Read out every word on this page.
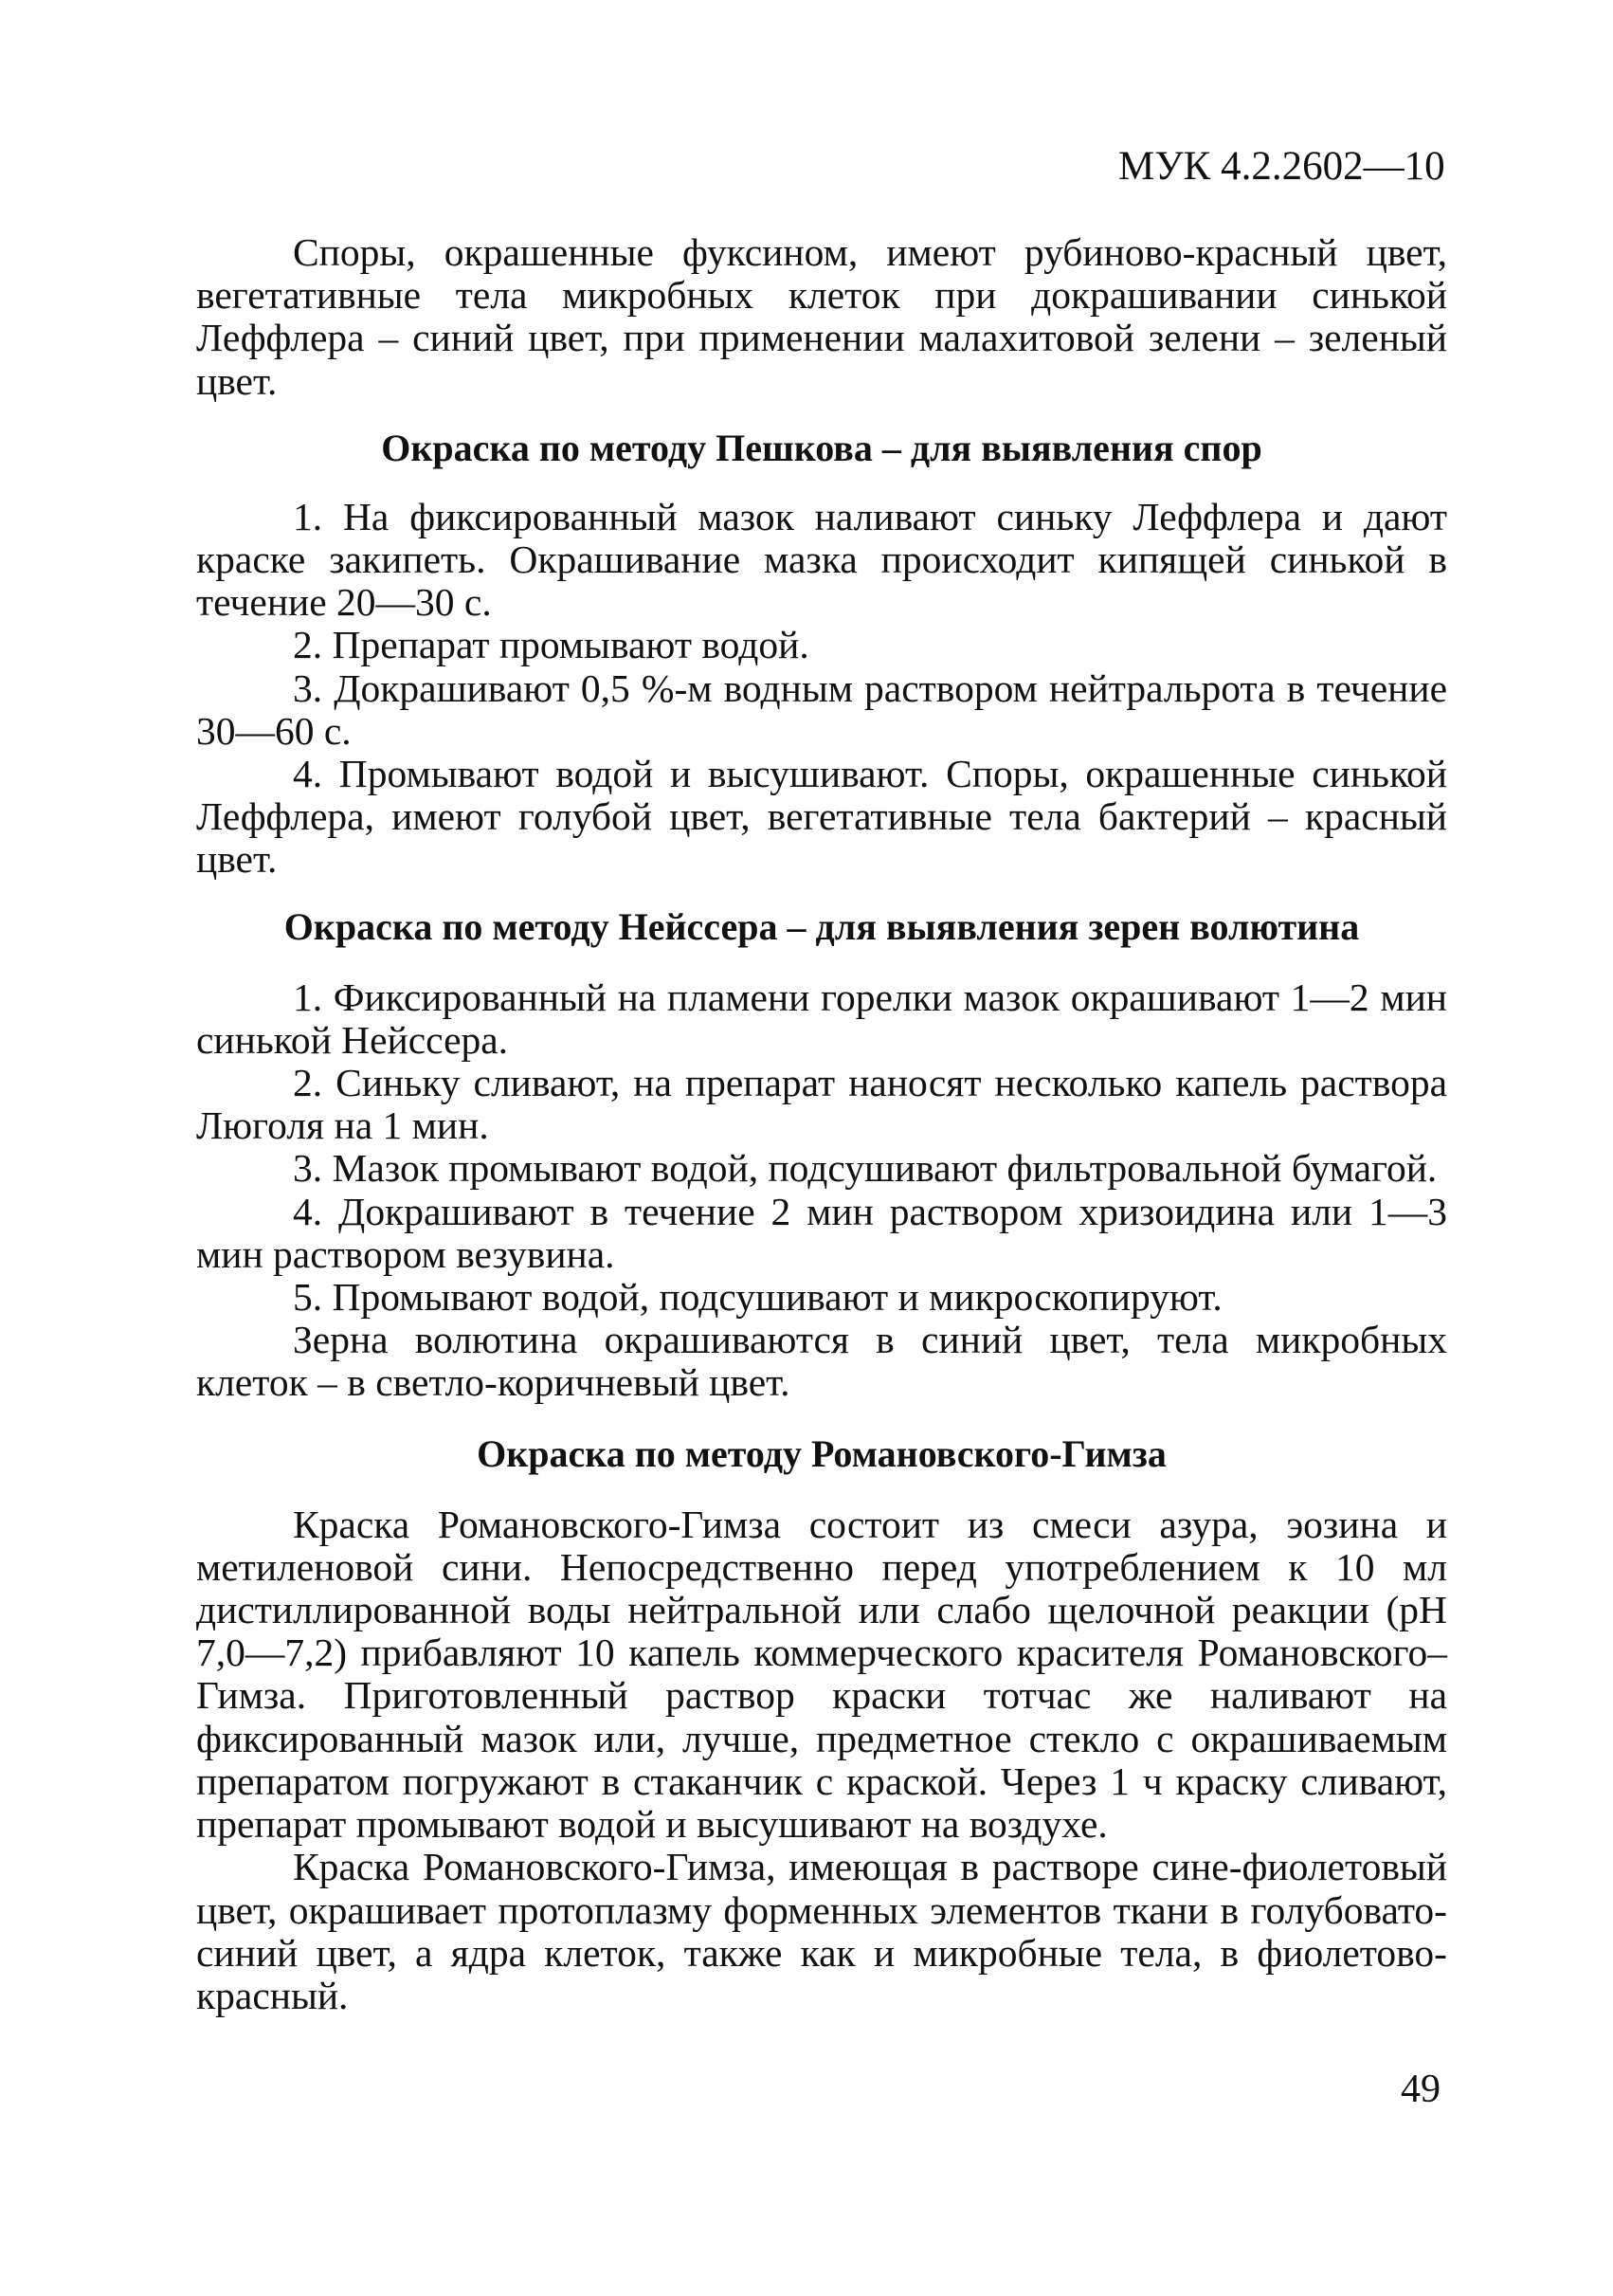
МУК 4.2.2602—10

Споры, окрашенные фуксином, имеют рубиново-красный цвет, вегетативные тела микробных клеток при докрашивании синькой Леффлера – синий цвет, при применении малахитовой зелени – зеленый цвет.

Окраска по методу Пешкова – для выявления спор

1. На фиксированный мазок наливают синьку Леффлера и дают краске закипеть. Окрашивание мазка происходит кипящей синькой в течение 20—30 с.

2. Препарат промывают водой.

3. Докрашивают 0,5 %-м водным раствором нейтральрота в течение 30—60 с.

4. Промывают водой и высушивают. Споры, окрашенные синькой Леффлера, имеют голубой цвет, вегетативные тела бактерий – красный цвет.

Окраска по методу Нейссера – для выявления зерен волютина

1. Фиксированный на пламени горелки мазок окрашивают 1—2 мин синькой Нейссера.

2. Синьку сливают, на препарат наносят несколько капель раствора Люголя на 1 мин.

3. Мазок промывают водой, подсушивают фильтровальной бумагой.

4. Докрашивают в течение 2 мин раствором хризоидина или 1—3 мин раствором везувина.

5. Промывают водой, подсушивают и микроскопируют.

Зерна волютина окрашиваются в синий цвет, тела микробных клеток – в светло-коричневый цвет.

Окраска по методу Романовского-Гимза

Краска Романовского-Гимза состоит из смеси азура, эозина и метиленовой сини. Непосредственно перед употреблением к 10 мл дистиллированной воды нейтральной или слабо щелочной реакции (pH 7,0—7,2) прибавляют 10 капель коммерческого красителя Романовского–Гимза. Приготовленный раствор краски тотчас же наливают на фиксированный мазок или, лучше, предметное стекло с окрашиваемым препаратом погружают в стаканчик с краской. Через 1 ч краску сливают, препарат промывают водой и высушивают на воздухе.

Краска Романовского-Гимза, имеющая в растворе сине-фиолетовый цвет, окрашивает протоплазму форменных элементов ткани в голубовато-синий цвет, а ядра клеток, также как и микробные тела, в фиолетово-красный.

49
